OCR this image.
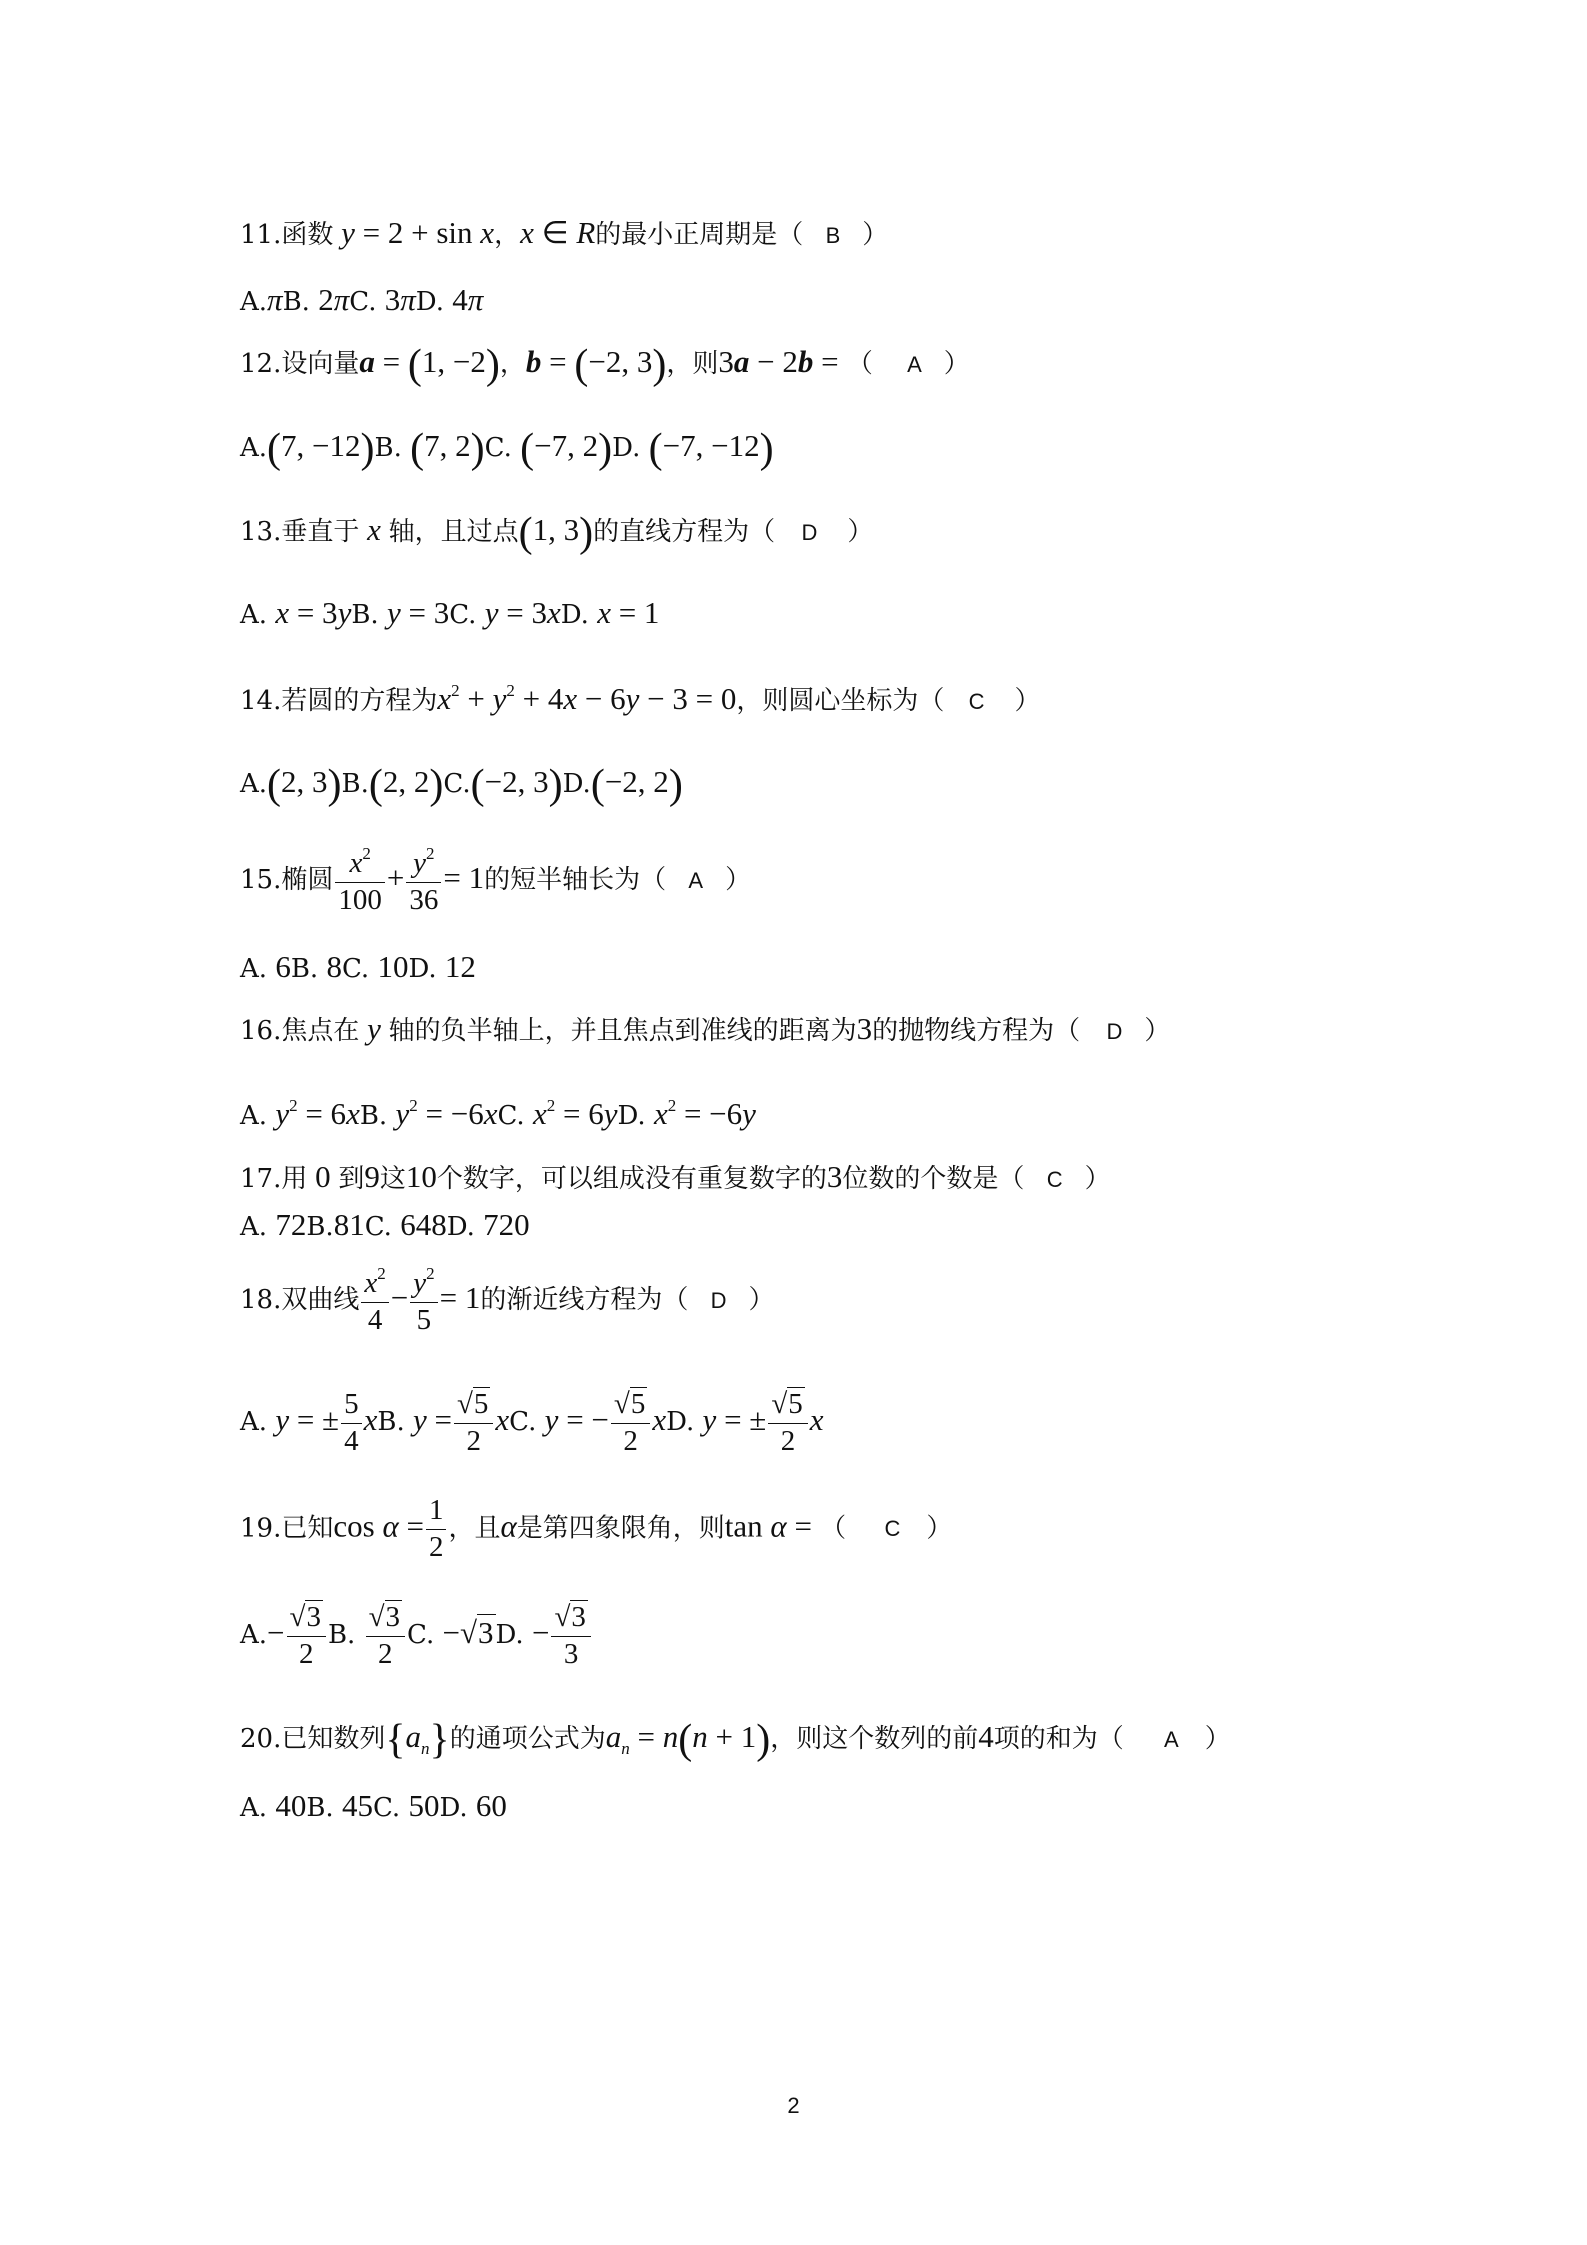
11.函数 y = 2 + sin x，x ∈ R的最小正周期是（ B ）
A.πB. 2πC. 3πD. 4π
12.设向量a = (1, −2)，b = (−2, 3)，则3a − 2b = （ A ）
A.(7, −12)B. (7, 2)C. (−7, 2)D. (−7, −12)
13.垂直于 x 轴，且过点(1, 3)的直线方程为（ D ）
A. x = 3yB. y = 3C. y = 3xD. x = 1
14.若圆的方程为$x^2 + y^2 + 4x - 6y - 3 = 0$，则圆心坐标为（ C ）
A.(2, 3)B.(2, 2)C.(−2, 3)D.(−2, 2)
15.椭圆 $\frac{x^2}{100} + \frac{y^2}{36} = 1$的短半轴长为（ A ）
A. 6B. 8C. 10D. 12
16.焦点在 y 轴的负半轴上，并且焦点到准线的距离为3的抛物线方程为（ D ）
A. $y^2 = 6xB$. $y^2 = -6xC$. $x^2 = 6yD$. $x^2 = -6y$
17.用 0 到9这10个数字，可以组成没有重复数字的3位数的个数是（ C ）
A. 72B.81C. 648D. 720
18.双曲线 $\frac{x^2}{4} - \frac{y^2}{5} = 1$的渐近线方程为（ D ）
A. y = ± $\frac{5}{4}$ xB. $y = \frac{√5}{2}$ xC. y = − $\frac{√5}{2}$ xD. y = ± $\frac{√5}{2}$ x
19.已知$\cos \alpha = \frac{1}{2}$ ，且α是第四象限角，则tan α = （ C ）
$A.- \frac{√3}{2} B$. $\frac{√3}{2} C$. −√3D. − $\frac{√3}{3}$
20.已知数列$\{a_n\}$的通项公式为$a_n = n(n + 1)$，则这个数列的前4项的和为（ A ）
A. 40B. 45C. 50D. 60
2
